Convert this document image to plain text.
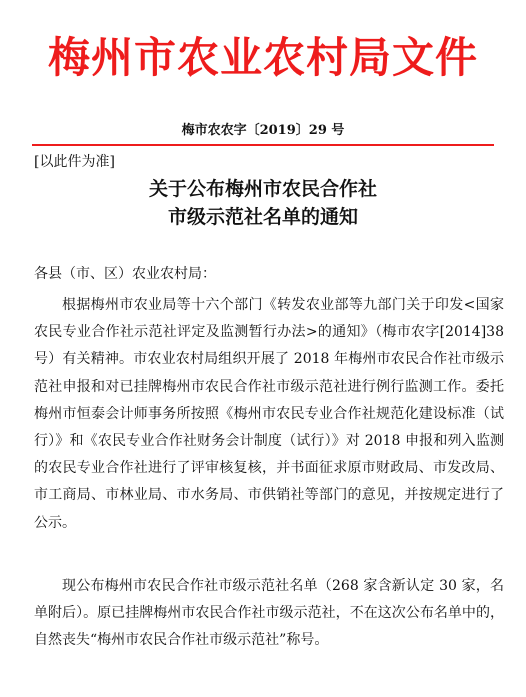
梅州市农业农村局文件
梅市农农字〔2019〕29 号
[以此件为准]
关于公布梅州市农民合作社
市级示范社名单的通知
各县（市、区）农业农村局：

根据梅州市农业局等十六个部门《转发农业部等九部门关于印发<国家农民专业合作社示范社评定及监测暂行办法>的通知》（梅市农字[2014]38 号）有关精神。市农业农村局组织开展了 2018 年梅州市农民合作社市级示范社申报和对已挂牌梅州市农民合作社市级示范社进行例行监测工作。委托梅州市恒泰会计师事务所按照《梅州市农民专业合作社规范化建设标准（试行）》和《农民专业合作社财务会计制度（试行）》对 2018 申报和列入监测的农民专业合作社进行了评审核复核，并书面征求原市财政局、市发改局、市工商局、市林业局、市水务局、市供销社等部门的意见，并按规定进行了公示。

现公布梅州市农民合作社市级示范社名单（268 家含新认定 30 家，名单附后）。原已挂牌梅州市农民合作社市级示范社，不在这次公布名单中的，自然丧失“梅州市农民合作社市级示范社”称号。
